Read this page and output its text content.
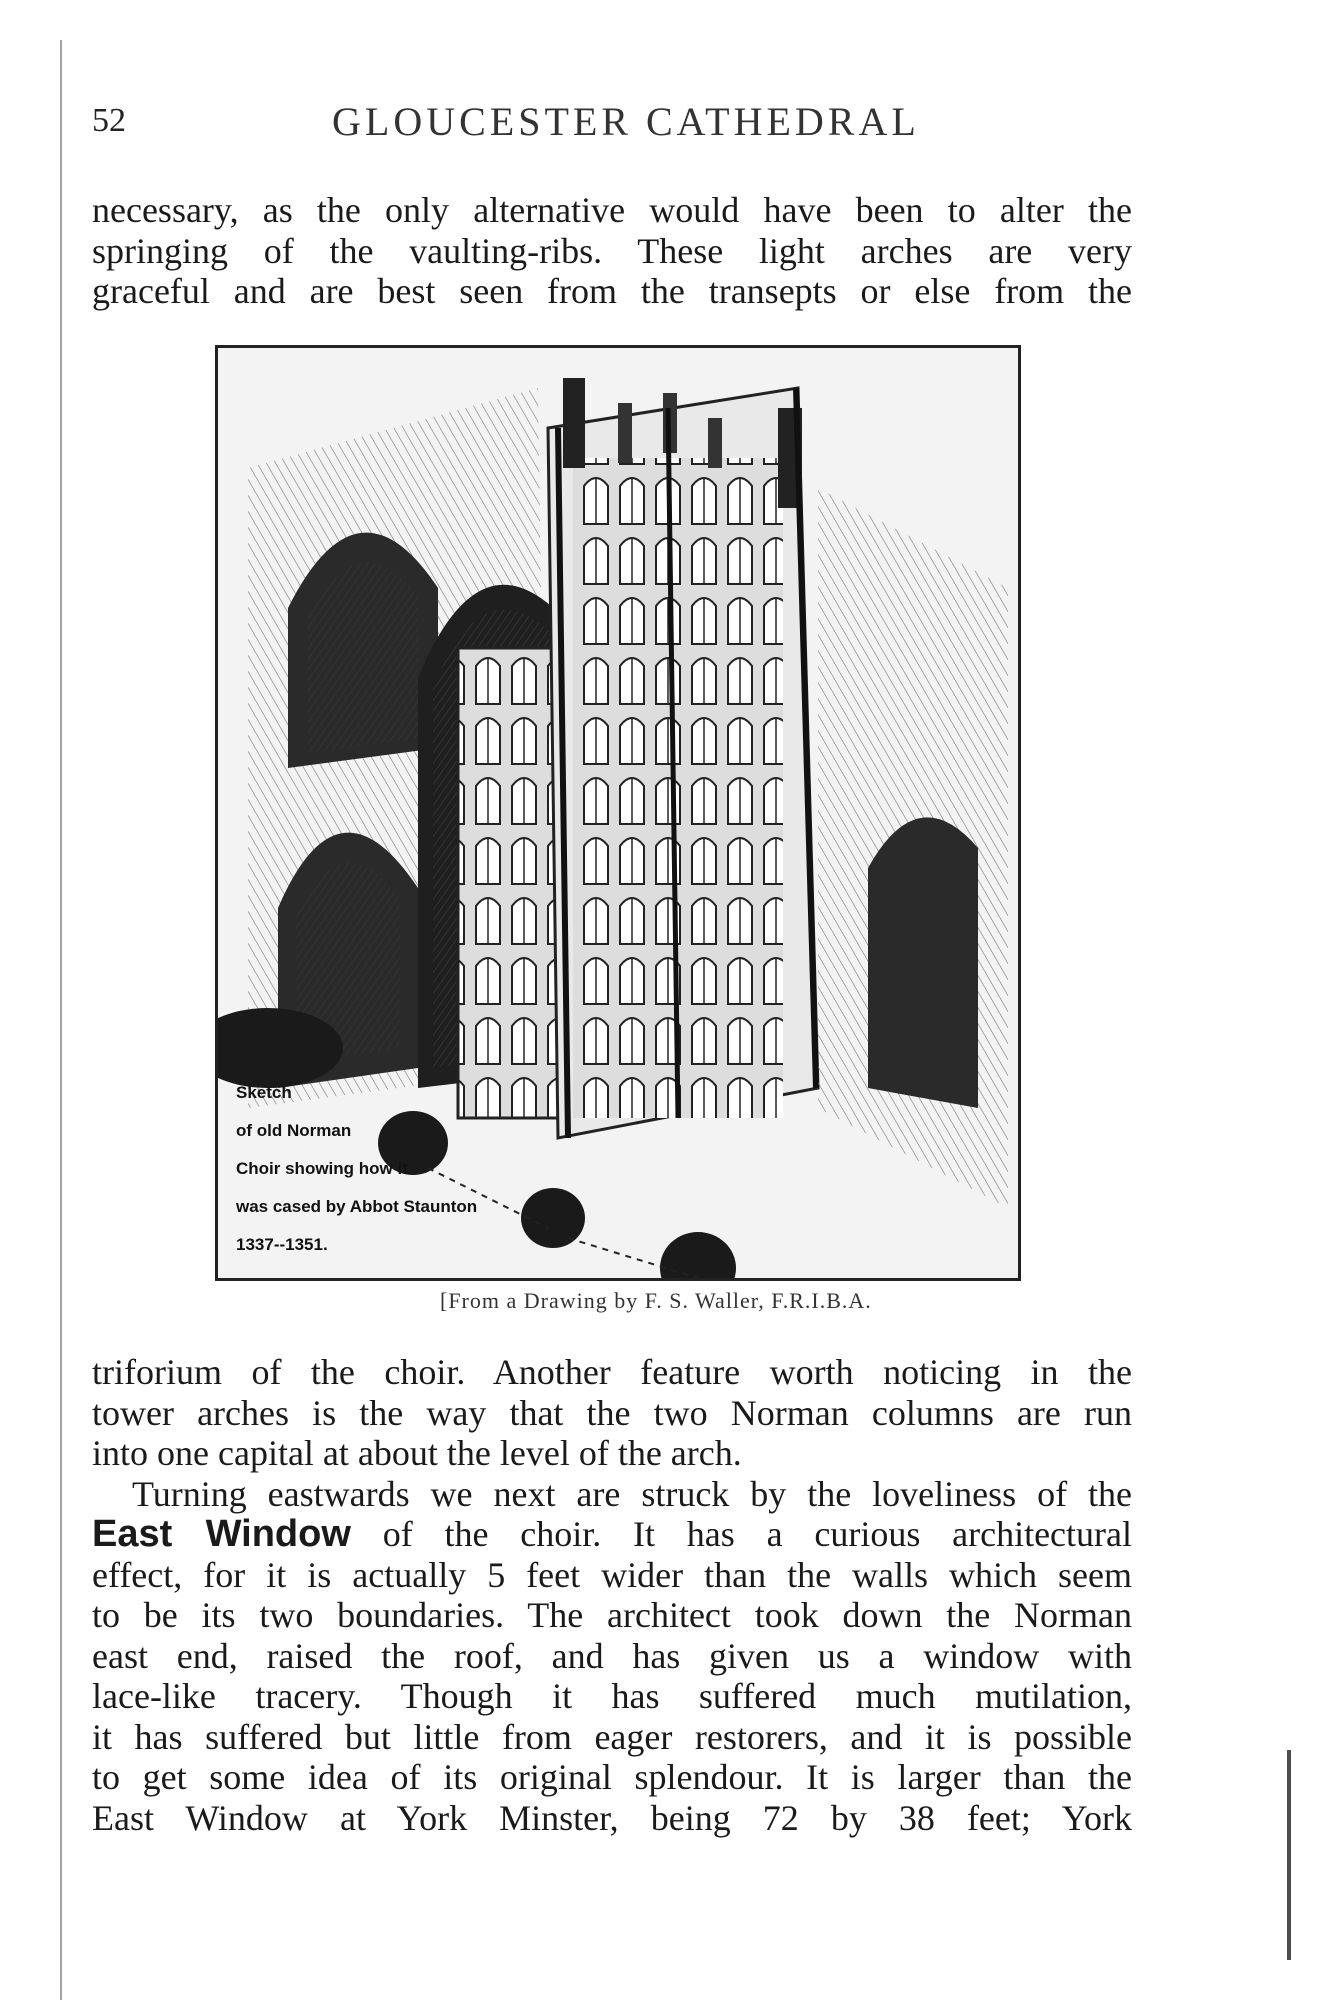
52	GLOUCESTER CATHEDRAL
necessary, as the only alternative would have been to alter the
springing of the vaulting-ribs. These light arches are very
graceful and are best seen from the transepts or else from the
Sketch
of old Norman
Choir showing how it
was cased by Abbot Staunton
1337--1351.
[From a Drawing by F. S. Waller, F.R.I.B.A.
triforium of the choir. Another feature worth noticing in the
tower arches is the way that the two Norman columns are run
into one capital at about the level of the arch.
Turning eastwards we next are struck by the loveliness of the
East Window of the choir. It has a curious architectural
effect, for it is actually 5 feet wider than the walls which seem
to be its two boundaries. The architect took down the Norman
east end, raised the roof, and has given us a window with
lace-like tracery. Though it has suffered much mutilation,
it has suffered but little from eager restorers, and it is possible
to get some idea of its original splendour. It is larger than the
East Window at York Minster, being 72 by 38 feet; York
